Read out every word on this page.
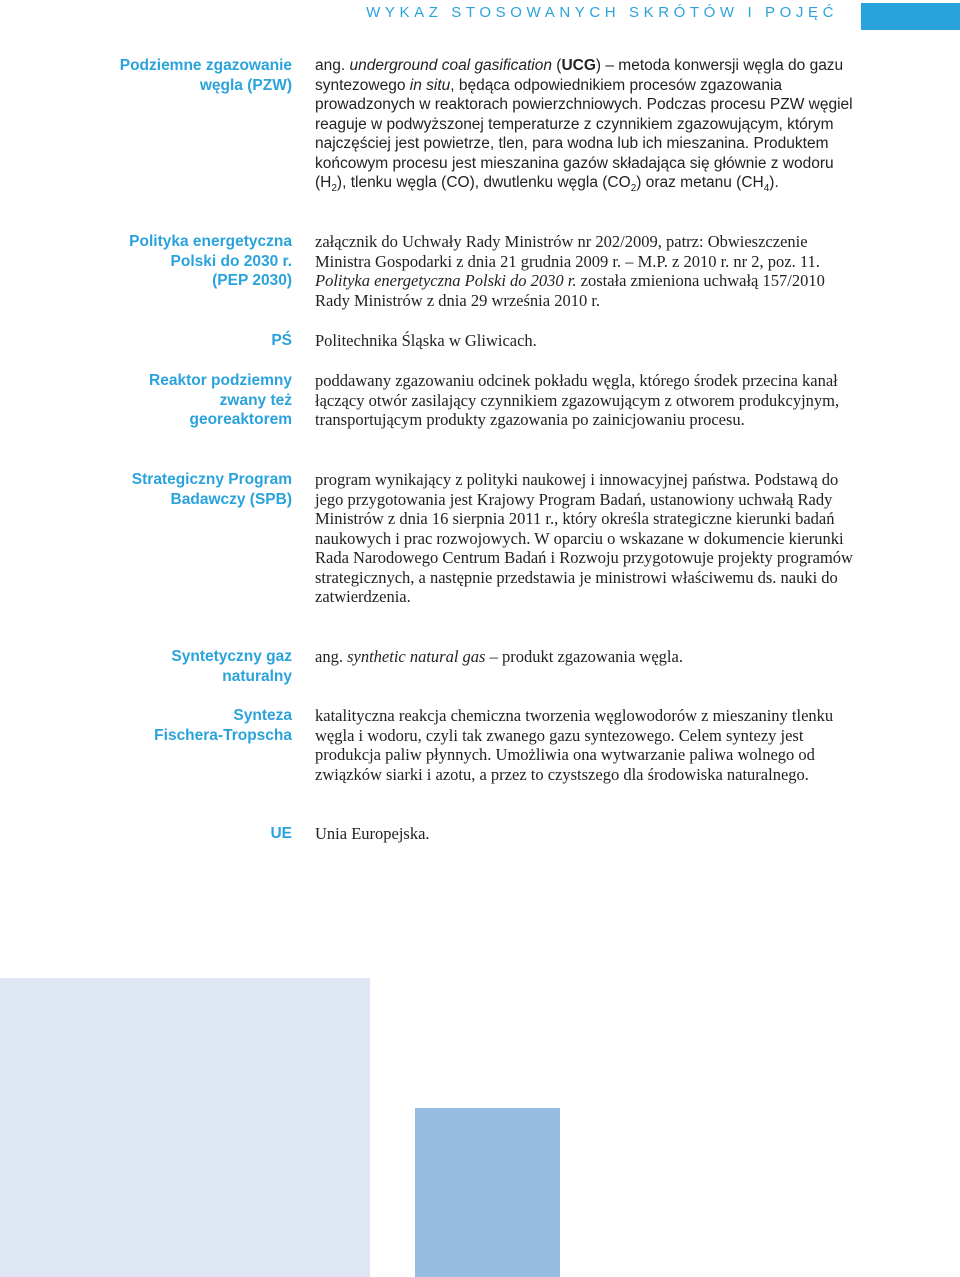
WYKAZ STOSOWANYCH SKRÓTÓW I POJĘĆ
Podziemne zgazowanie
węgla (PZW)

ang. underground coal gasification (UCG) – metoda konwersji węgla do gazu syntezowego in situ, będąca odpowiednikiem procesów zgazowania prowadzonych w reaktorach powierzchniowych. Podczas procesu PZW węgiel reaguje w podwyższonej temperaturze z czynnikiem zgazowującym, którym najczęściej jest powietrze, tlen, para wodna lub ich mieszanina. Produktem końcowym procesu jest mieszanina gazów składająca się głównie z wodoru $(H_2)$, tlenku węgla (CO), dwutlenku węgla $(CO_2)$ oraz metanu $(CH_4)$.

Polityka energetyczna
Polski do 2030 r.
(PEP 2030)

załącznik do Uchwały Rady Ministrów nr 202/2009, patrz: Obwieszczenie Ministra Gospodarki z dnia 21 grudnia 2009 r. – M.P. z 2010 r. nr 2, poz. 11. Polityka energetyczna Polski do 2030 r. została zmieniona uchwałą 157/2010 Rady Ministrów z dnia 29 września 2010 r.

PŚ Politechnika Śląska w Gliwicach.

Reaktor podziemny
zwany też
georeaktorem

poddawany zgazowaniu odcinek pokładu węgla, którego środek przecina kanał łączący otwór zasilający czynnikiem zgazowującym z otworem produkcyjnym, transportującym produkty zgazowania po zainicjowaniu procesu.

Strategiczny Program
Badawczy (SPB)

program wynikający z polityki naukowej i innowacyjnej państwa. Podstawą do jego przygotowania jest Krajowy Program Badań, ustanowiony uchwałą Rady Ministrów z dnia 16 sierpnia 2011 r., który określa strategiczne kierunki badań naukowych i prac rozwojowych. W oparciu o wskazane w dokumencie kierunki Rada Narodowego Centrum Badań i Rozwoju przygotowuje projekty programów strategicznych, a następnie przedstawia je ministrowi właściwemu ds. nauki do zatwierdzenia.

Syntetyczny gaz
naturalny

ang. synthetic natural gas – produkt zgazowania węgla.

Synteza
Fischera-Tropscha

katalityczna reakcja chemiczna tworzenia węglowodorów z mieszaniny tlenku węgla i wodoru, czyli tak zwanego gazu syntezowego. Celem syntezy jest produkcja paliw płynnych. Umożliwia ona wytwarzanie paliwa wolnego od związków siarki i azotu, a przez to czystszego dla środowiska naturalnego.

UE Unia Europejska.
